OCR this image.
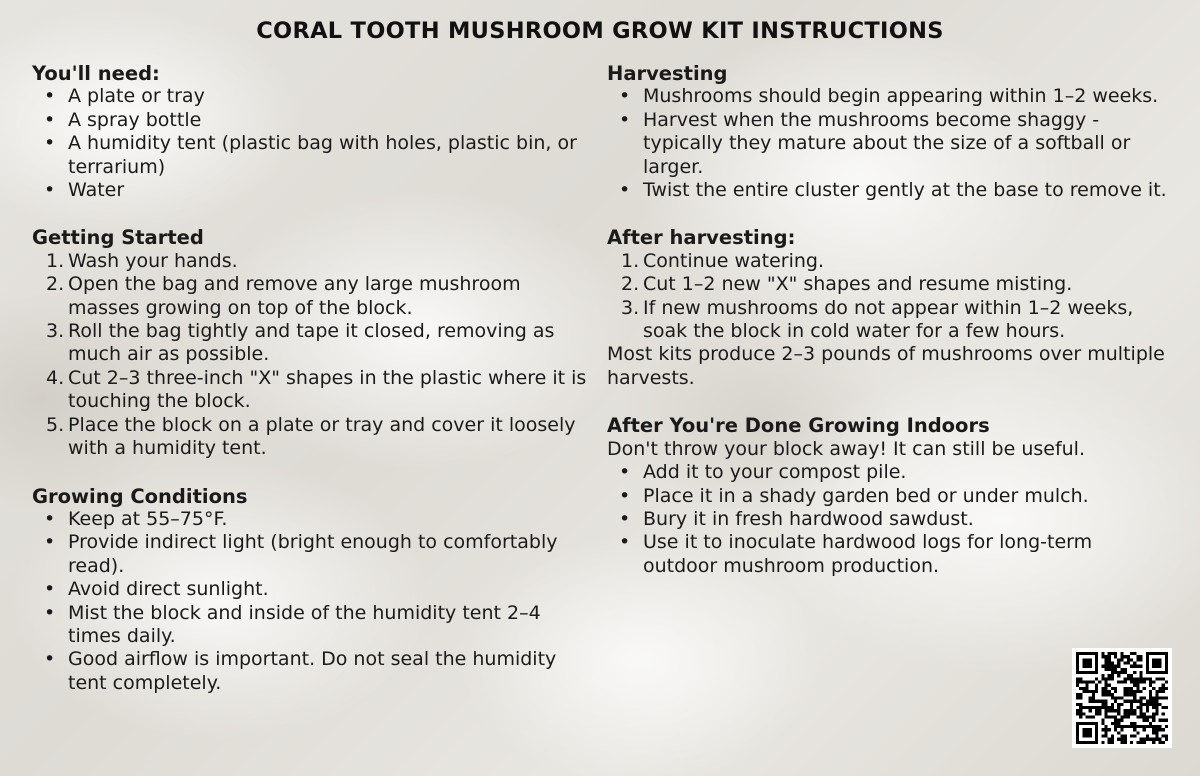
CORAL TOOTH MUSHROOM GROW KIT INSTRUCTIONS
You'll need:
• A plate or tray
• A spray bottle
• A humidity tent (plastic bag with holes, plastic bin, or terrarium)
• Water
Getting Started
1. Wash your hands.
2. Open the bag and remove any large mushroom masses growing on top of the block.
3. Roll the bag tightly and tape it closed, removing as much air as possible.
4. Cut 2–3 three-inch "X" shapes in the plastic where it is touching the block.
5. Place the block on a plate or tray and cover it loosely with a humidity tent.
Growing Conditions
• Keep at 55–75°F.
• Provide indirect light (bright enough to comfortably read).
• Avoid direct sunlight.
• Mist the block and inside of the humidity tent 2–4 times daily.
• Good airflow is important. Do not seal the humidity tent completely.
Harvesting
• Mushrooms should begin appearing within 1–2 weeks.
• Harvest when the mushrooms become shaggy - typically they mature about the size of a softball or larger.
• Twist the entire cluster gently at the base to remove it.
After harvesting:
1. Continue watering.
2. Cut 1–2 new "X" shapes and resume misting.
3. If new mushrooms do not appear within 1–2 weeks, soak the block in cold water for a few hours.

Most kits produce 2–3 pounds of mushrooms over multiple harvests.

After You're Done Growing Indoors

Don't throw your block away! It can still be useful.

• Add it to your compost pile.
• Place it in a shady garden bed or under mulch.
• Bury it in fresh hardwood sawdust.
• Use it to inoculate hardwood logs for long-term outdoor mushroom production.
